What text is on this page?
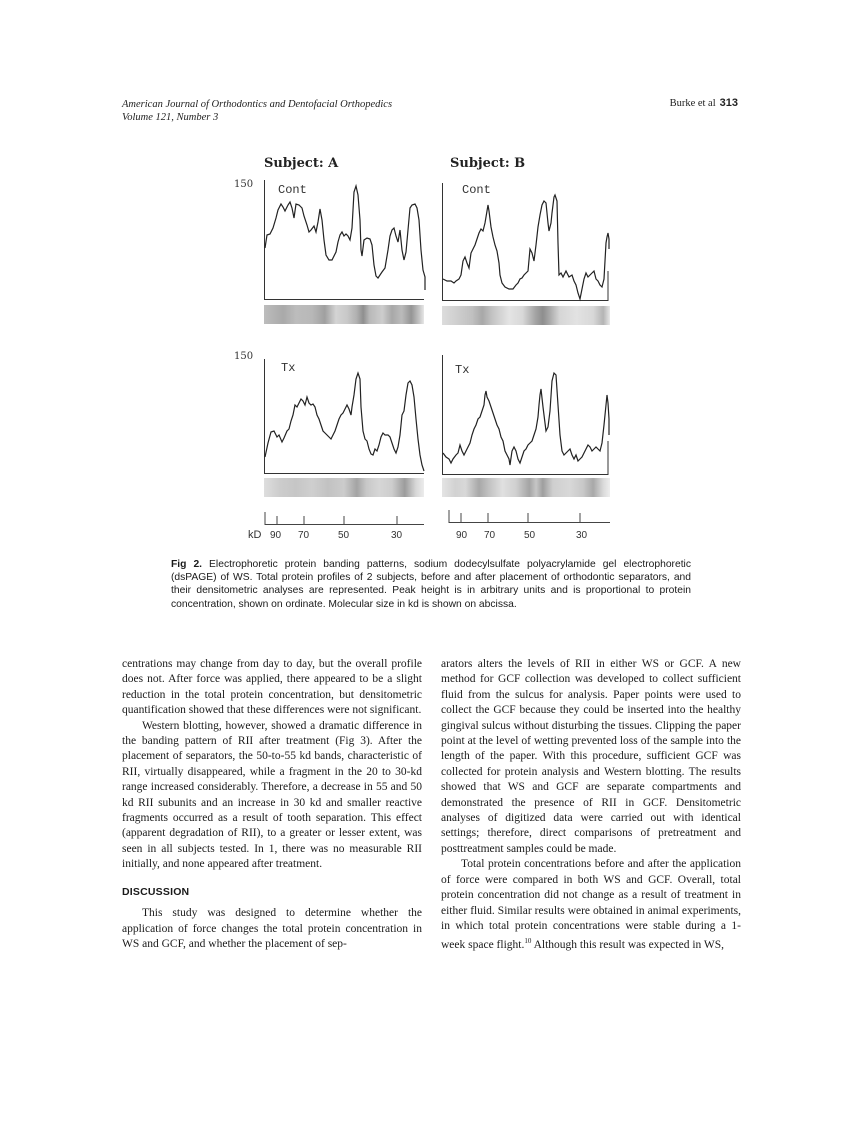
American Journal of Orthodontics and Dentofacial Orthopedics
Volume 121, Number 3
Burke et al 313
Subject: A	Subject: B
150
150
Cont	Cont
Tx	Tx
kD 90 70	50	30	90 70	50	30
Fig 2. Electrophoretic protein banding patterns, sodium dodecylsulfate polyacrylamide gel electrophoretic (dsPAGE) of WS. Total protein profiles of 2 subjects, before and after placement of orthodontic separators, and their densitometric analyses are represented. Peak height is in arbitrary units and is proportional to protein concentration, shown on ordinate. Molecular size in kd is shown on abcissa.

centrations may change from day to day, but the overall profile does not. After force was applied, there appeared to be a slight reduction in the total protein concentration, but densitometric quantification showed that these differences were not significant.

Western blotting, however, showed a dramatic difference in the banding pattern of RII after treatment (Fig 3). After the placement of separators, the 50-to-55 kd bands, characteristic of RII, virtually disappeared, while a fragment in the 20 to 30-kd range increased considerably. Therefore, a decrease in 55 and 50 kd RII subunits and an increase in 30 kd and smaller reactive fragments occurred as a result of tooth separation. This effect (apparent degradation of RII), to a greater or lesser extent, was seen in all subjects tested. In 1, there was no measurable RII initially, and none appeared after treatment.

DISCUSSION

This study was designed to determine whether the application of force changes the total protein concentration in WS and GCF, and whether the placement of sep-

arators alters the levels of RII in either WS or GCF. A new method for GCF collection was developed to collect sufficient fluid from the sulcus for analysis. Paper points were used to collect the GCF because they could be inserted into the healthy gingival sulcus without disturbing the tissues. Clipping the paper point at the level of wetting prevented loss of the sample into the length of the paper. With this procedure, sufficient GCF was collected for protein analysis and Western blotting. The results showed that WS and GCF are separate compartments and demonstrated the presence of RII in GCF. Densitometric analyses of digitized data were carried out with identical settings; therefore, direct comparisons of pretreatment and posttreatment samples could be made.

Total protein concentrations before and after the application of force were compared in both WS and GCF. Overall, total protein concentration did not change as a result of treatment in either fluid. Similar results were obtained in animal experiments, in which total protein concentrations were stable during a 1-week space flight.$^{10}$ Although this result was expected in WS,
